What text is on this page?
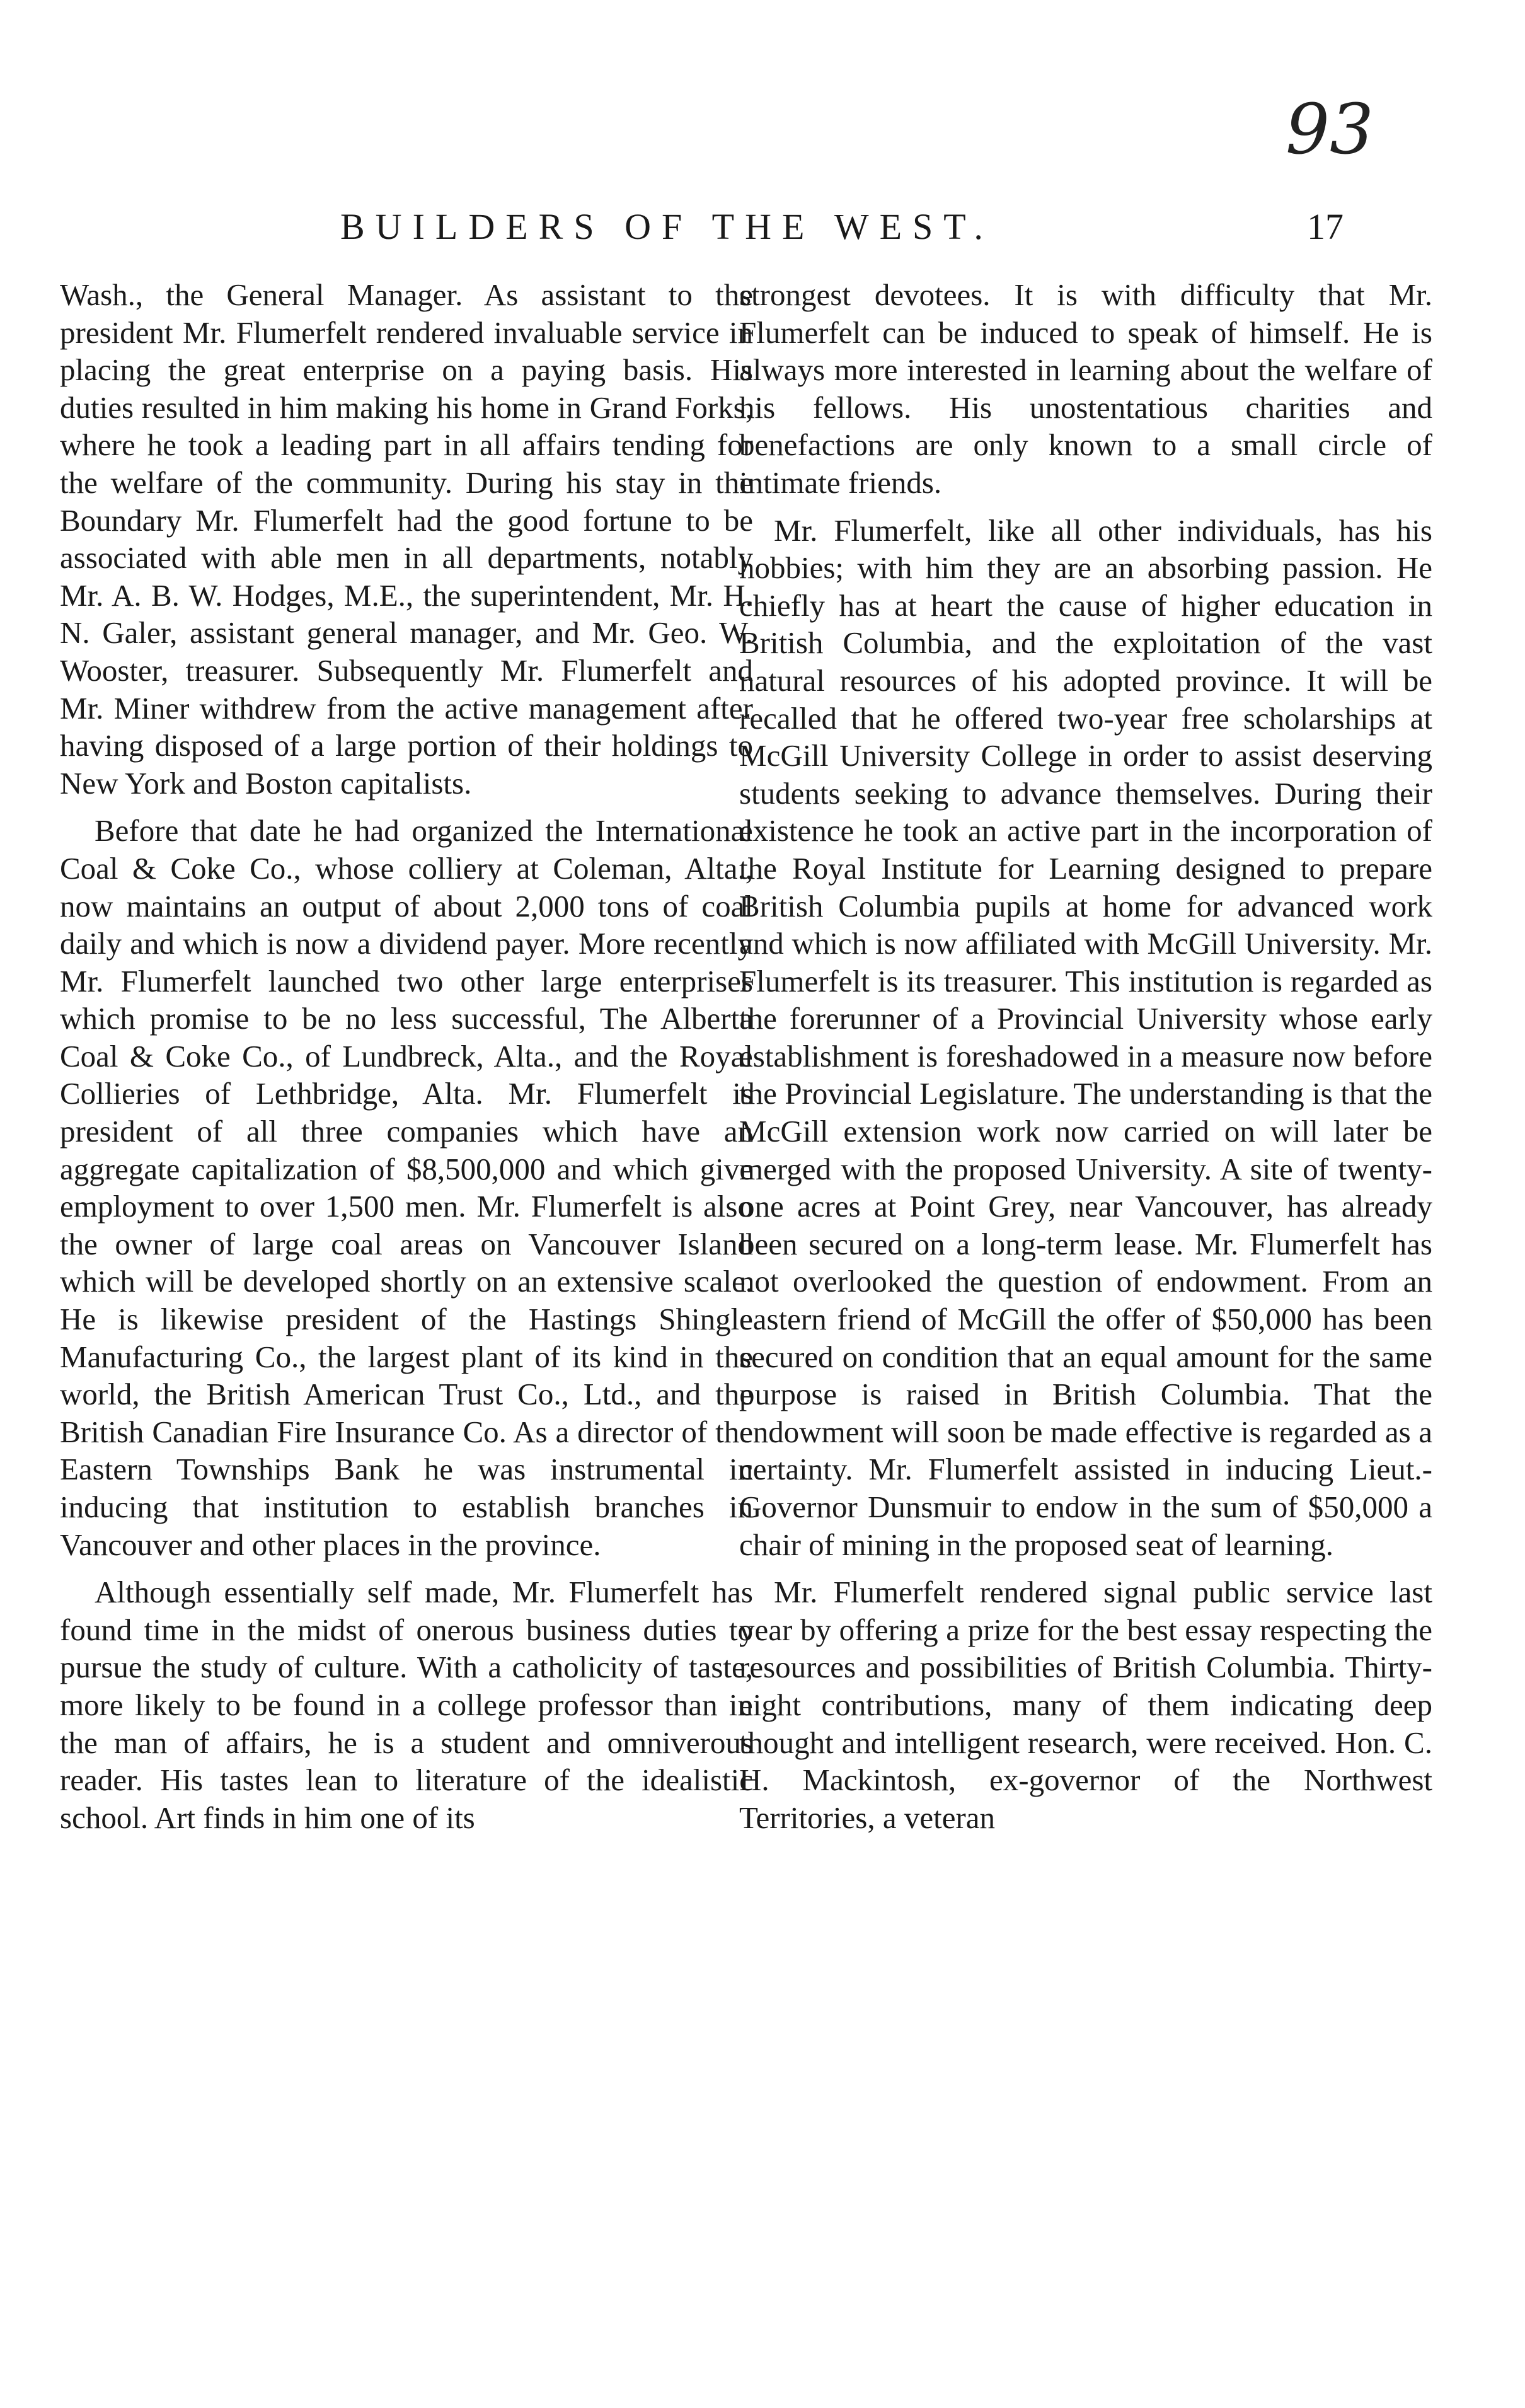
93
BUILDERS OF THE WEST.	17

Wash., the General Manager. As assistant to the president Mr. Flumerfelt rendered invaluable service in placing the great enterprise on a paying basis. His duties resulted in him making his home in Grand Forks, where he took a leading part in all affairs tending for the welfare of the community. During his stay in the Boundary Mr. Flumerfelt had the good fortune to be associated with able men in all departments, notably Mr. A. B. W. Hodges, M.E., the superintendent, Mr. H. N. Galer, assistant general manager, and Mr. Geo. W. Wooster, treasurer. Subsequently Mr. Flumerfelt and Mr. Miner withdrew from the active management after having disposed of a large portion of their holdings to New York and Boston capitalists.

Before that date he had organized the International Coal & Coke Co., whose colliery at Coleman, Alta., now maintains an output of about 2,000 tons of coal daily and which is now a dividend payer. More recently Mr. Flumerfelt launched two other large enterprises which promise to be no less successful, The Alberta Coal & Coke Co., of Lundbreck, Alta., and the Royal Collieries of Lethbridge, Alta. Mr. Flumerfelt is president of all three companies which have an aggregate capitalization of $8,500,000 and which give employment to over 1,500 men. Mr. Flumerfelt is also the owner of large coal areas on Vancouver Island which will be developed shortly on an extensive scale. He is likewise president of the Hastings Shingle Manufacturing Co., the largest plant of its kind in the world, the British American Trust Co., Ltd., and the British Canadian Fire Insurance Co. As a director of the Eastern Townships Bank he was instrumental in inducing that institution to establish branches in Vancouver and other places in the province.

Although essentially self made, Mr. Flumerfelt has found time in the midst of onerous business duties to pursue the study of culture. With a catholicity of taste, more likely to be found in a college professor than in the man of affairs, he is a student and omniverous reader. His tastes lean to literature of the idealistic school. Art finds in him one of its

strongest devotees. It is with difficulty that Mr. Flumerfelt can be induced to speak of himself. He is always more interested in learning about the welfare of his fellows. His unostentatious charities and benefactions are only known to a small circle of intimate friends.

Mr. Flumerfelt, like all other individuals, has his hobbies; with him they are an absorbing passion. He chiefly has at heart the cause of higher education in British Columbia, and the exploitation of the vast natural resources of his adopted province. It will be recalled that he offered two-year free scholarships at McGill University College in order to assist deserving students seeking to advance themselves. During their existence he took an active part in the incorporation of the Royal Institute for Learning designed to prepare British Columbia pupils at home for advanced work and which is now affiliated with McGill University. Mr. Flumerfelt is its treasurer. This institution is regarded as the forerunner of a Provincial University whose early establishment is foreshadowed in a measure now before the Provincial Legislature. The understanding is that the McGill extension work now carried on will later be merged with the proposed University. A site of twenty-one acres at Point Grey, near Vancouver, has already been secured on a long-term lease. Mr. Flumerfelt has not overlooked the question of endowment. From an eastern friend of McGill the offer of $50,000 has been secured on condition that an equal amount for the same purpose is raised in British Columbia. That the endowment will soon be made effective is regarded as a certainty. Mr. Flumerfelt assisted in inducing Lieut.-Governor Dunsmuir to endow in the sum of $50,000 a chair of mining in the proposed seat of learning.

Mr. Flumerfelt rendered signal public service last year by offering a prize for the best essay respecting the resources and possibilities of British Columbia. Thirty-eight contributions, many of them indicating deep thought and intelligent research, were received. Hon. C. H. Mackintosh, ex-governor of the Northwest Territories, a veteran
